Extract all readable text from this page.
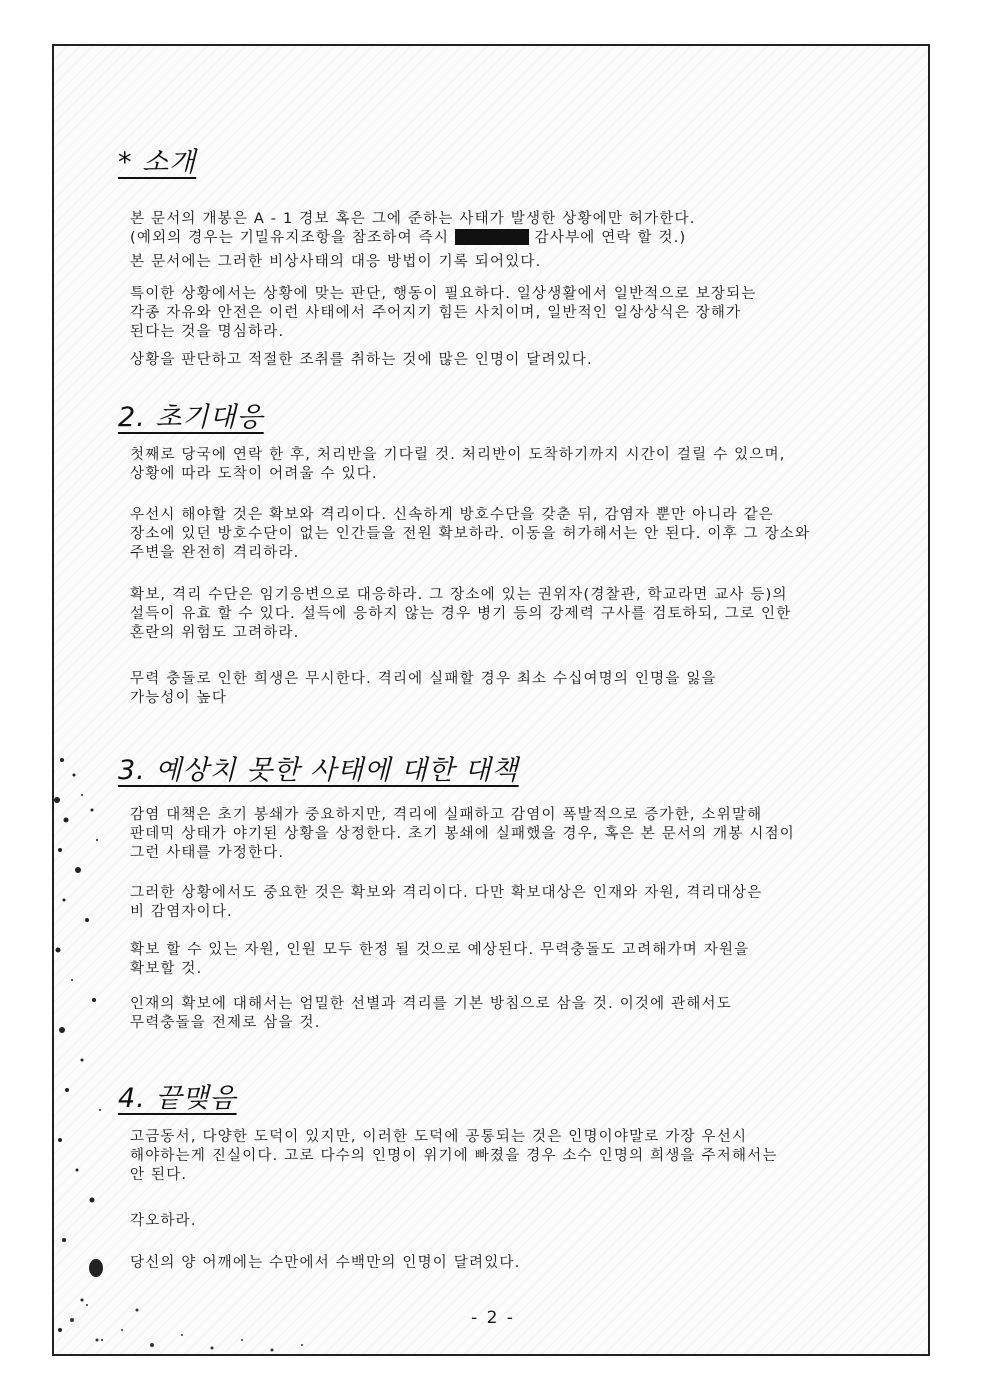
* 소개

본 문서의 개봉은 A - 1 경보 혹은 그에 준하는 사태가 발생한 상황에만 허가한다.

(예외의 경우는 기밀유지조항을 참조하여 즉시	감사부에 연락 할 것.)

본 문서에는 그러한 비상사태의 대응 방법이 기록 되어있다.

특이한 상황에서는 상황에 맞는 판단, 행동이 필요하다. 일상생활에서 일반적으로 보장되는
각종 자유와 안전은 이런 사태에서 주어지기 힘든 사치이며, 일반적인 일상상식은 장해가
된다는 것을 명심하라.

상황을 판단하고 적절한 조취를 취하는 것에 많은 인명이 달려있다.

2. 초기대응

첫째로 당국에 연락 한 후, 처리반을 기다릴 것. 처리반이 도착하기까지 시간이 걸릴 수 있으며,
상황에 따라 도착이 어려울 수 있다.

우선시 해야할 것은 확보와 격리이다. 신속하게 방호수단을 갖춘 뒤, 감염자 뿐만 아니라 같은
장소에 있던 방호수단이 없는 인간들을 전원 확보하라. 이동을 허가해서는 안 된다. 이후 그 장소와
주변을 완전히 격리하라.

확보, 격리 수단은 임기응변으로 대응하라. 그 장소에 있는 권위자(경찰관, 학교라면 교사 등)의
설득이 유효 할 수 있다. 설득에 응하지 않는 경우 병기 등의 강제력 구사를 검토하되, 그로 인한
혼란의 위험도 고려하라.

무력 충돌로 인한 희생은 무시한다. 격리에 실패할 경우 최소 수십여명의 인명을 잃을
가능성이 높다

3. 예상치 못한 사태에 대한 대책

감염 대책은 초기 봉쇄가 중요하지만, 격리에 실패하고 감염이 폭발적으로 증가한, 소위말해
판데믹 상태가 야기된 상황을 상정한다. 초기 봉쇄에 실패했을 경우, 혹은 본 문서의 개봉 시점이
그런 사태를 가정한다.

그러한 상황에서도 중요한 것은 확보와 격리이다. 다만 확보대상은 인재와 자원, 격리대상은
비 감염자이다.

확보 할 수 있는 자원, 인원 모두 한정 될 것으로 예상된다. 무력충돌도 고려해가며 자원을
확보할 것.

인재의 확보에 대해서는 엄밀한 선별과 격리를 기본 방침으로 삼을 것. 이것에 관해서도
무력충돌을 전제로 삼을 것.

4. 끝맺음

고금동서, 다양한 도덕이 있지만, 이러한 도덕에 공통되는 것은 인명이야말로 가장 우선시
해야하는게 진실이다. 고로 다수의 인명이 위기에 빠졌을 경우 소수 인명의 희생을 주저해서는
안 된다.

각오하라.

당신의 양 어깨에는 수만에서 수백만의 인명이 달려있다.

- 2 -
